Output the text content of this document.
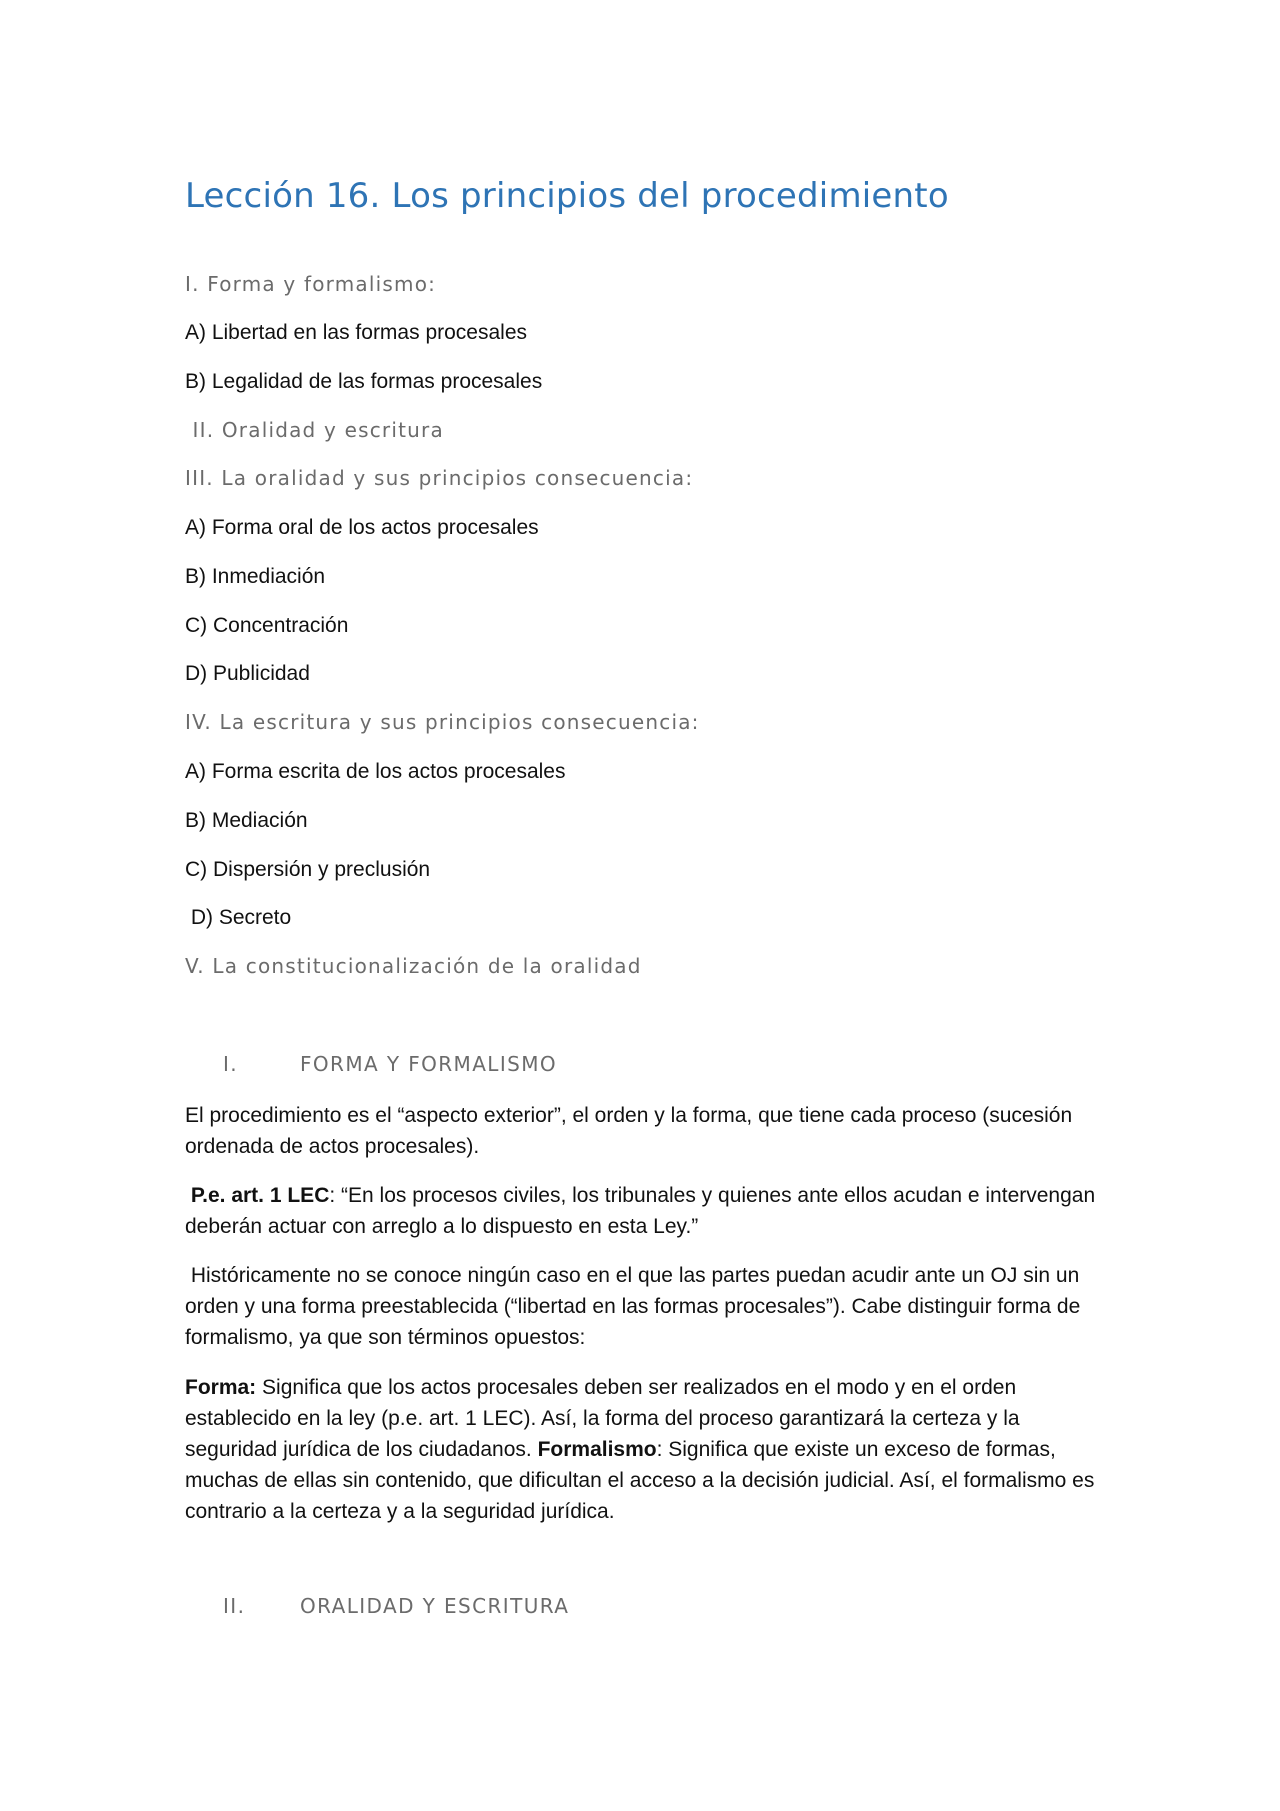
Lección 16. Los principios del procedimiento
I. Forma y formalismo:
A) Libertad en las formas procesales
B) Legalidad de las formas procesales
II. Oralidad y escritura
III. La oralidad y sus principios consecuencia:
A) Forma oral de los actos procesales
B) Inmediación
C) Concentración
D) Publicidad
IV. La escritura y sus principios consecuencia:
A) Forma escrita de los actos procesales
B) Mediación
C) Dispersión y preclusión
D) Secreto
V. La constitucionalización de la oralidad
I.	FORMA Y FORMALISMO
El procedimiento es el “aspecto exterior”, el orden y la forma, que tiene cada proceso (sucesión ordenada de actos procesales).
P.e. art. 1 LEC: “En los procesos civiles, los tribunales y quienes ante ellos acudan e intervengan deberán actuar con arreglo a lo dispuesto en esta Ley.”
Históricamente no se conoce ningún caso en el que las partes puedan acudir ante un OJ sin un orden y una forma preestablecida (“libertad en las formas procesales”). Cabe distinguir forma de formalismo, ya que son términos opuestos:
Forma: Significa que los actos procesales deben ser realizados en el modo y en el orden establecido en la ley (p.e. art. 1 LEC). Así, la forma del proceso garantizará la certeza y la seguridad jurídica de los ciudadanos. Formalismo: Significa que existe un exceso de formas, muchas de ellas sin contenido, que dificultan el acceso a la decisión judicial. Así, el formalismo es contrario a la certeza y a la seguridad jurídica.
II.	ORALIDAD Y ESCRITURA
